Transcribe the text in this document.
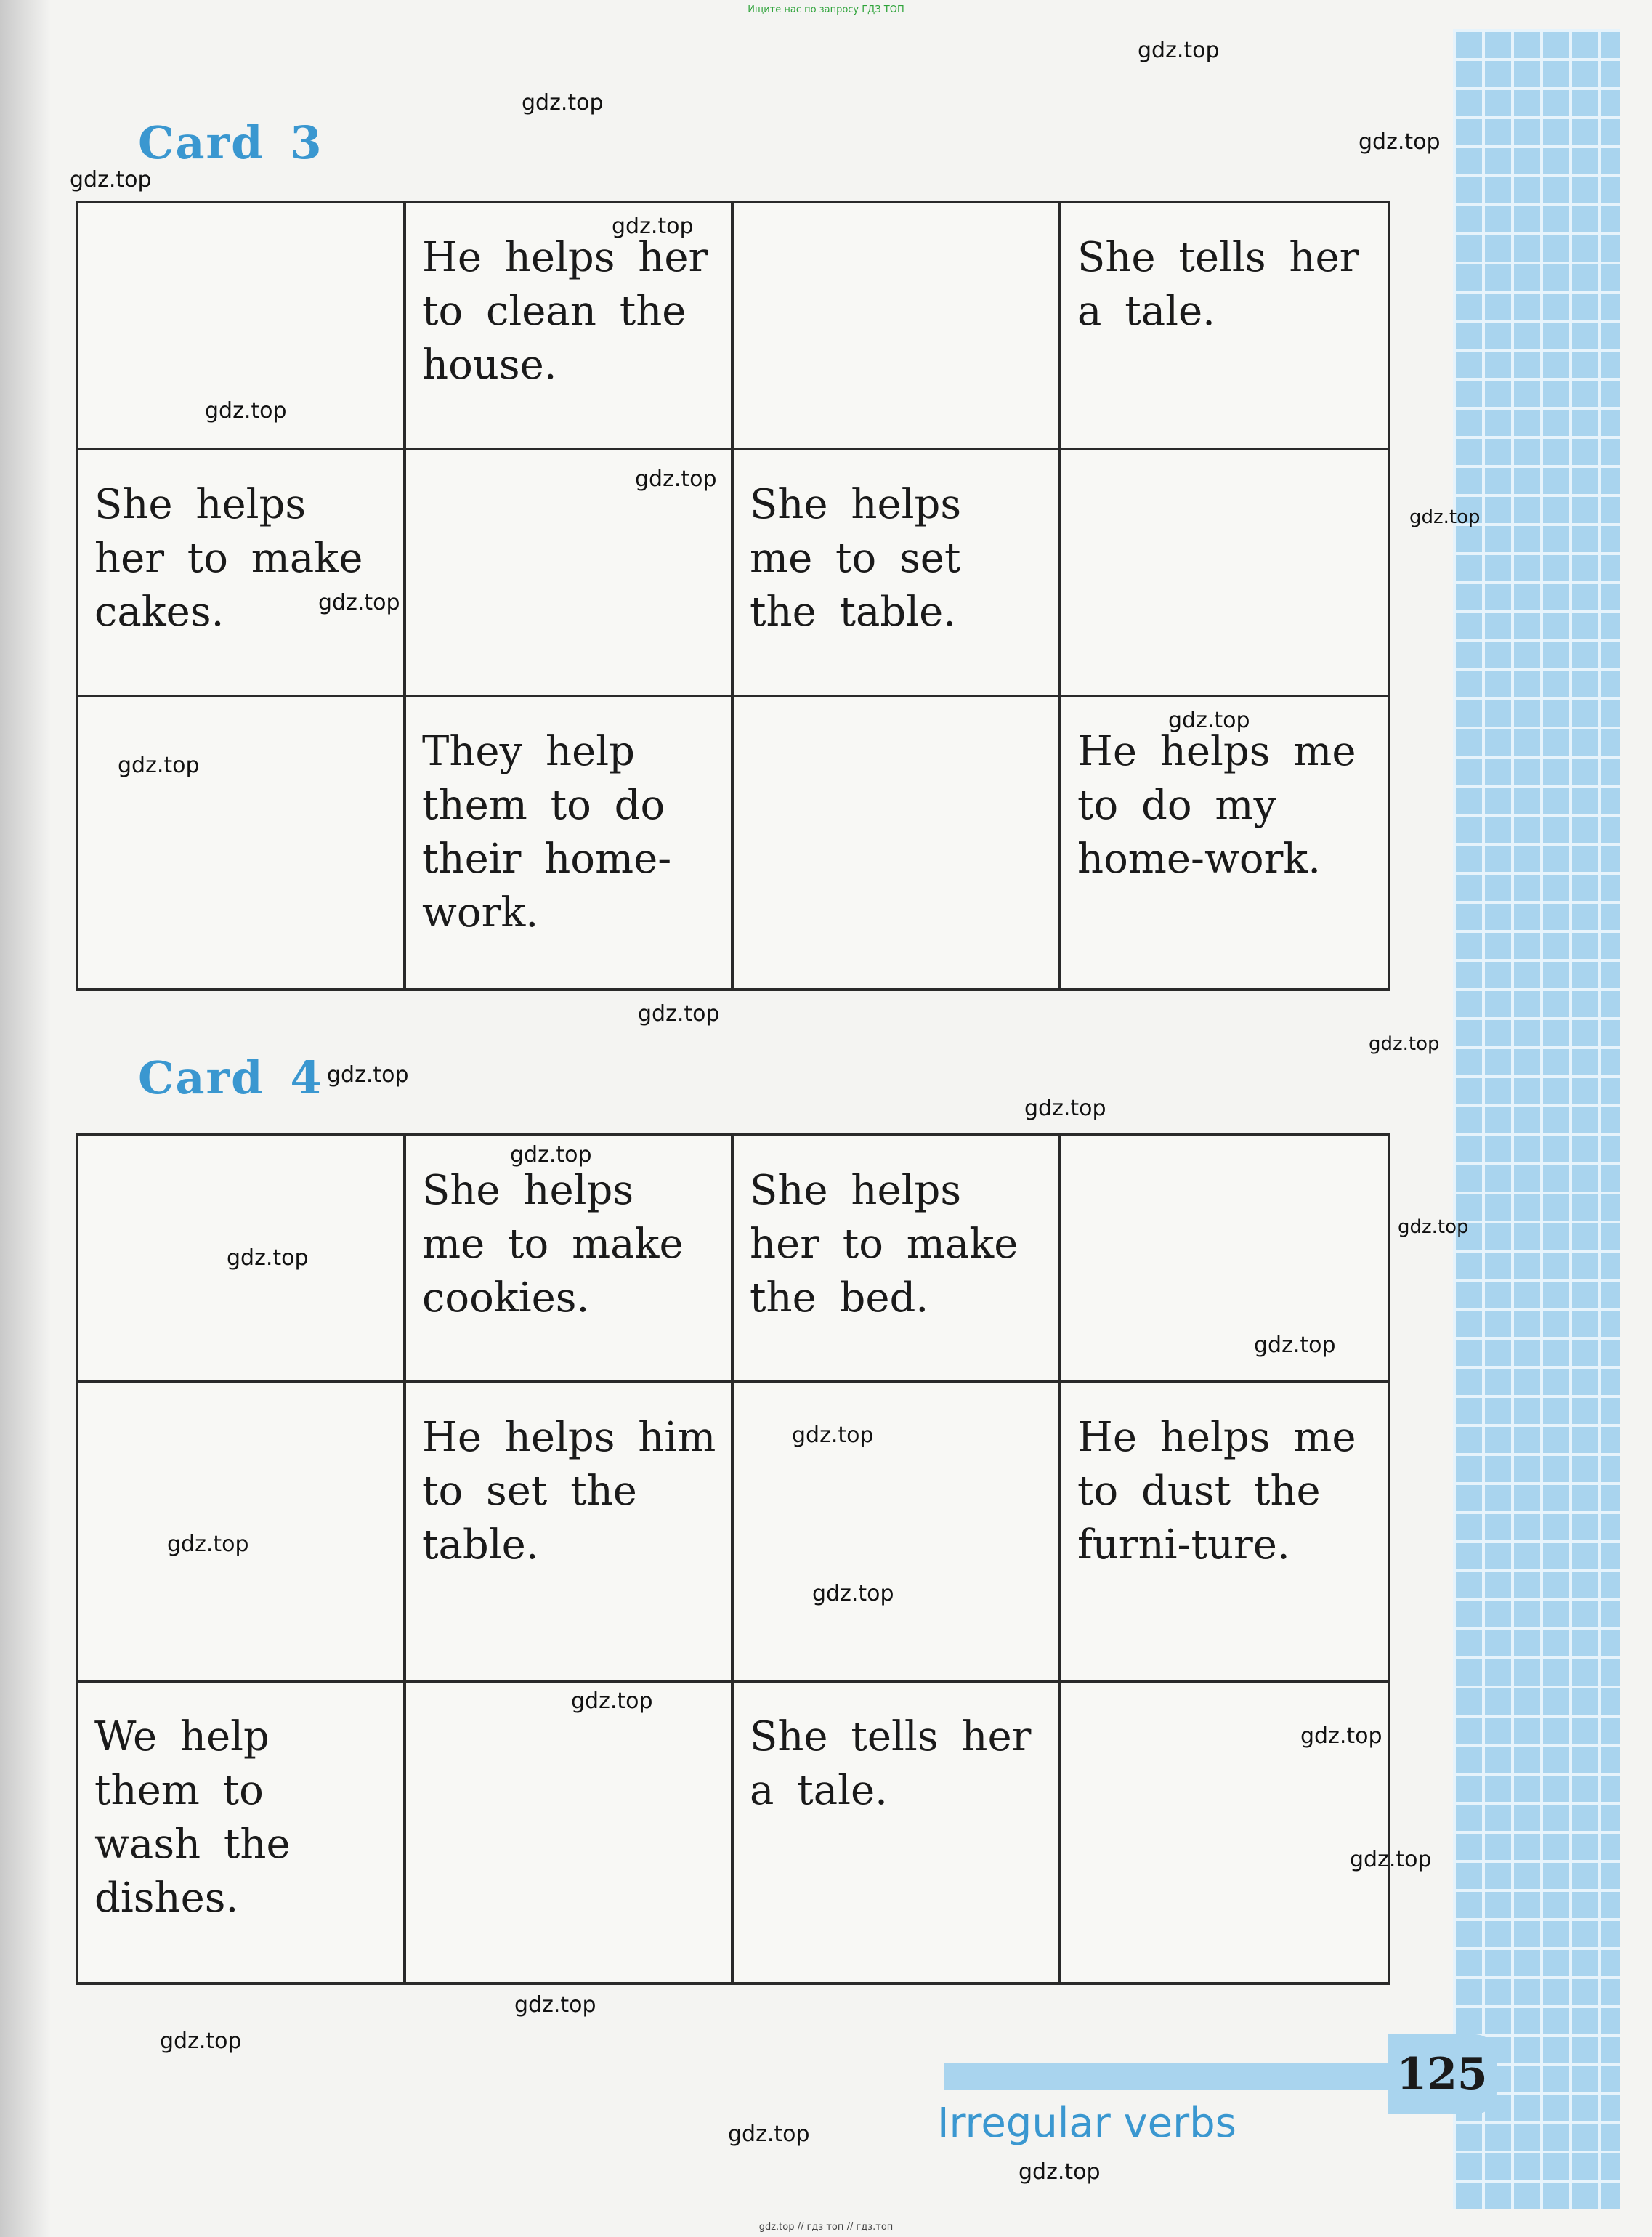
Ищите нас по запросу ГДЗ ТОП
Card 3
	He helps her to clean the house.		She tells her a tale.
She helps her to make cakes.		She helps me to set the table.	
	They help them to do their home-work.		He helps me to do my home-work.
Card 4
	She helps me to make cookies.	She helps her to make the bed.	
	He helps him to set the table.		He helps me to dust the furni-ture.
We help them to wash the dishes.		She tells her a tale.	
gdz.top
gdz.top
gdz.top
gdz.top
gdz.top
gdz.top
gdz.top
gdz.top
gdz.top
gdz.top
gdz.top
gdz.top
gdz.top
gdz.top
gdz.top
gdz.top
gdz.top
gdz.top
gdz.top
gdz.top
gdz.top
gdz.top
gdz.top
gdz.top
gdz.top
gdz.top
gdz.top
gdz.top
gdz.top
125
Irregular verbs
gdz.top // гдз топ // гдз.топ
